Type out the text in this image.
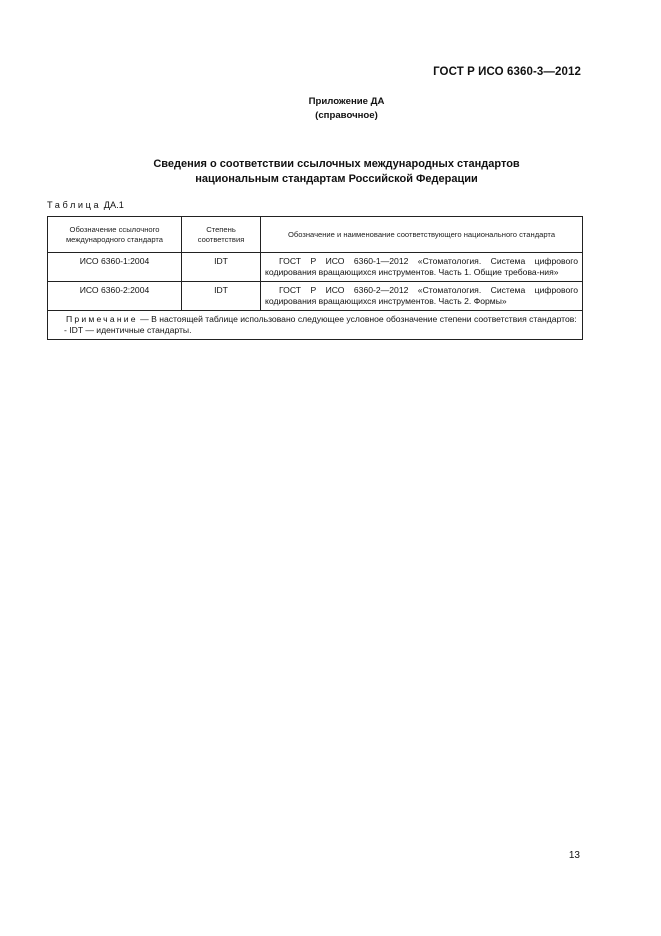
ГОСТ Р ИСО 6360-3—2012
Приложение ДА
(справочное)
Сведения о соответствии ссылочных международных стандартов
национальным стандартам Российской Федерации
Таблица ДА.1
Обозначение ссылочного международного стандарта	Степень соответствия	Обозначение и наименование соответствующего национального стандарта
ИСО 6360-1:2004	IDT	ГОСТ Р ИСО 6360-1—2012 «Стоматология. Система цифрового кодирования вращающихся инструментов. Часть 1. Общие требова-ния»
ИСО 6360-2:2004	IDT	ГОСТ Р ИСО 6360-2—2012 «Стоматология. Система цифрового кодирования вращающихся инструментов. Часть 2. Формы»

Примечание — В настоящей таблице использовано следующее условное обозначение степени соответствия стандартов:
- IDT — идентичные стандарты.		
13
